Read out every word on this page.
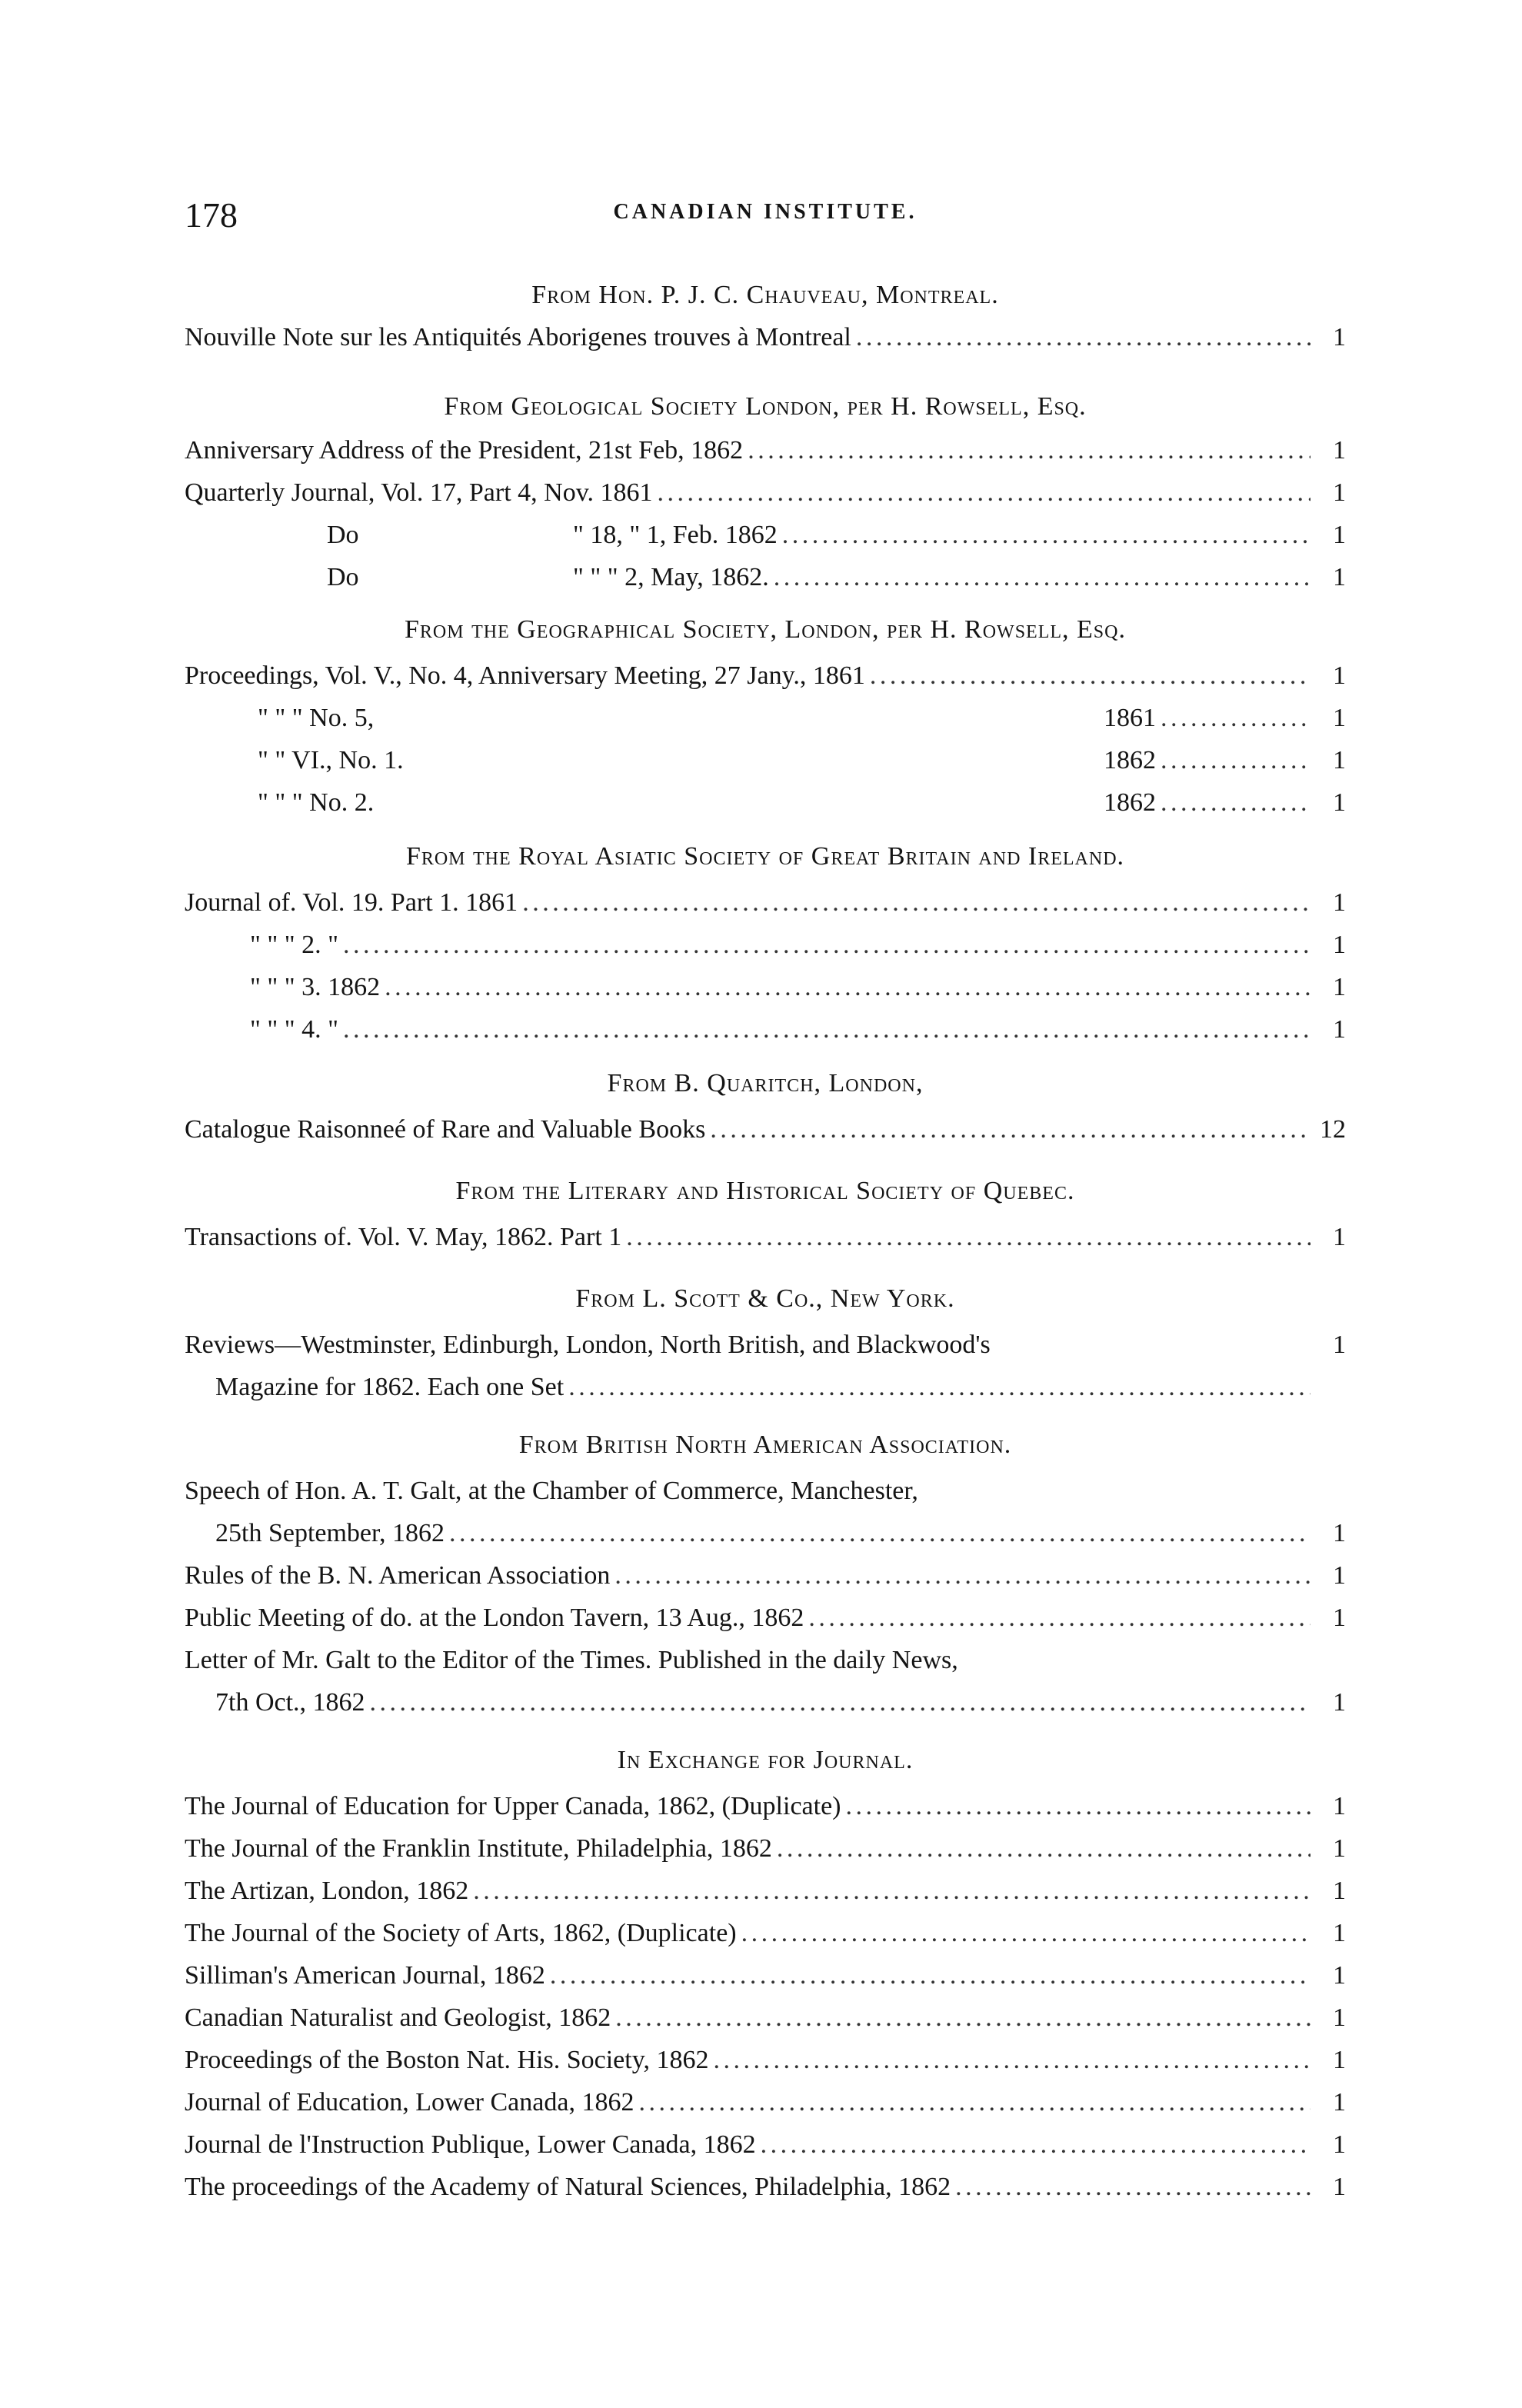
178	CANADIAN INSTITUTE.
From Hon. P. J. C. Chauveau, Montreal.
Nouville Note sur les Antiquités Aborigenes trouves à Montreal . . .	1
From Geological Society London, per H. Rowsell, Esq.
Anniversary Address of the President, 21st Feb, 1862 . . .	1
Quarterly Journal, Vol. 17, Part 4, Nov. 1861 . . .	1
Do	" 18, " 1, Feb. 1862 . . .	1
Do	" " " 2, May, 1862. . . .	1
From the Geographical Society, London, per H. Rowsell, Esq.
Proceedings, Vol. V., No. 4, Anniversary Meeting, 27 Jany., 1861 . . .	1
" " " No. 5,	1861 . . .	1
" " VI., No. 1.	1862 . . .	1
" " " No. 2.	1862 . . .	1
From the Royal Asiatic Society of Great Britain and Ireland.
Journal of. Vol. 19. Part 1. 1861 . . .	1
" " " 2. " . . .	1
" " " 3. 1862 . . .	1
" " " 4. " . . .	1
From B. Quaritch, London,
Catalogue Raisonneé of Rare and Valuable Books . . .	12
From the Literary and Historical Society of Quebec.
Transactions of. Vol. V. May, 1862. Part 1 . . .	1
From L. Scott & Co., New York.
Reviews—Westminster, Edinburgh, London, North British, and Blackwood's	1
Magazine for 1862. Each one Set
. . .
From British North American Association.
Speech of Hon. A. T. Galt, at the Chamber of Commerce, Manchester,
25th September, 1862 . . .	1
Rules of the B. N. American Association . . .	1
Public Meeting of do. at the London Tavern, 13 Aug., 1862 . . .	1
Letter of Mr. Galt to the Editor of the Times. Published in the daily News,
7th Oct., 1862 . . .	1
In Exchange for Journal.
The Journal of Education for Upper Canada, 1862, (Duplicate) . . .	1
The Journal of the Franklin Institute, Philadelphia, 1862 . . .	1
The Artizan, London, 1862 . . .	1
The Journal of the Society of Arts, 1862, (Duplicate) . . .	1
Silliman's American Journal, 1862 . . .	1
Canadian Naturalist and Geologist, 1862 . . .	1
Proceedings of the Boston Nat. His. Society, 1862 . . .	1
Journal of Education, Lower Canada, 1862 . . .	1
Journal de l'Instruction Publique, Lower Canada, 1862 . . .	1
The proceedings of the Academy of Natural Sciences, Philadelphia, 1862 . . .	1
